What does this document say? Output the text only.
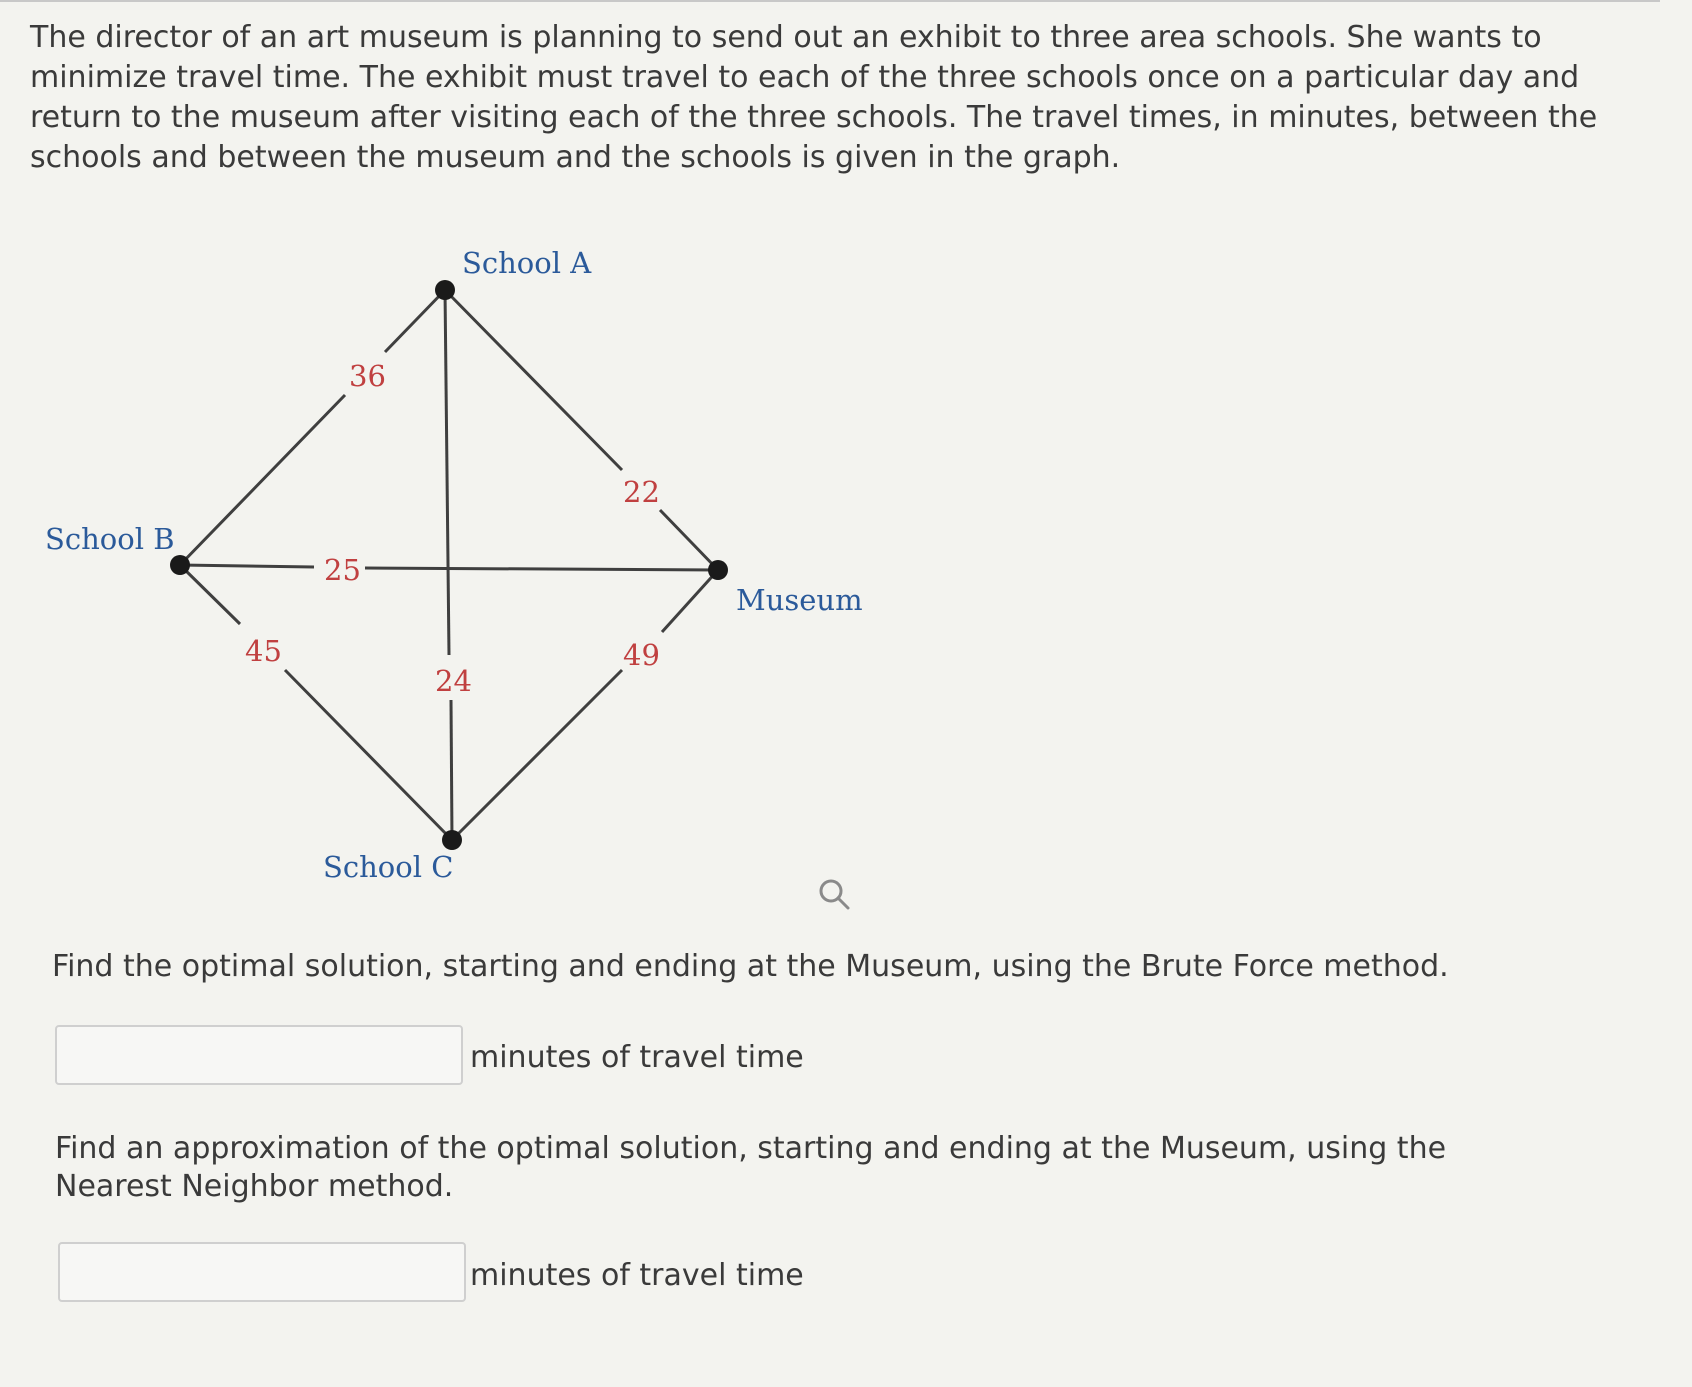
The director of an art museum is planning to send out an exhibit to three area schools. She wants to minimize travel time. The exhibit must travel to each of the three schools once on a particular day and return to the museum after visiting each of the three schools. The travel times, in minutes, between the schools and between the museum and the schools is given in the graph.

School A
School B
Museum
School C
36
22
25
45
24
49

Find the optimal solution, starting and ending at the Museum, using the Brute Force method.

minutes of travel time

Find an approximation of the optimal solution, starting and ending at the Museum, using the Nearest Neighbor method.

minutes of travel time
